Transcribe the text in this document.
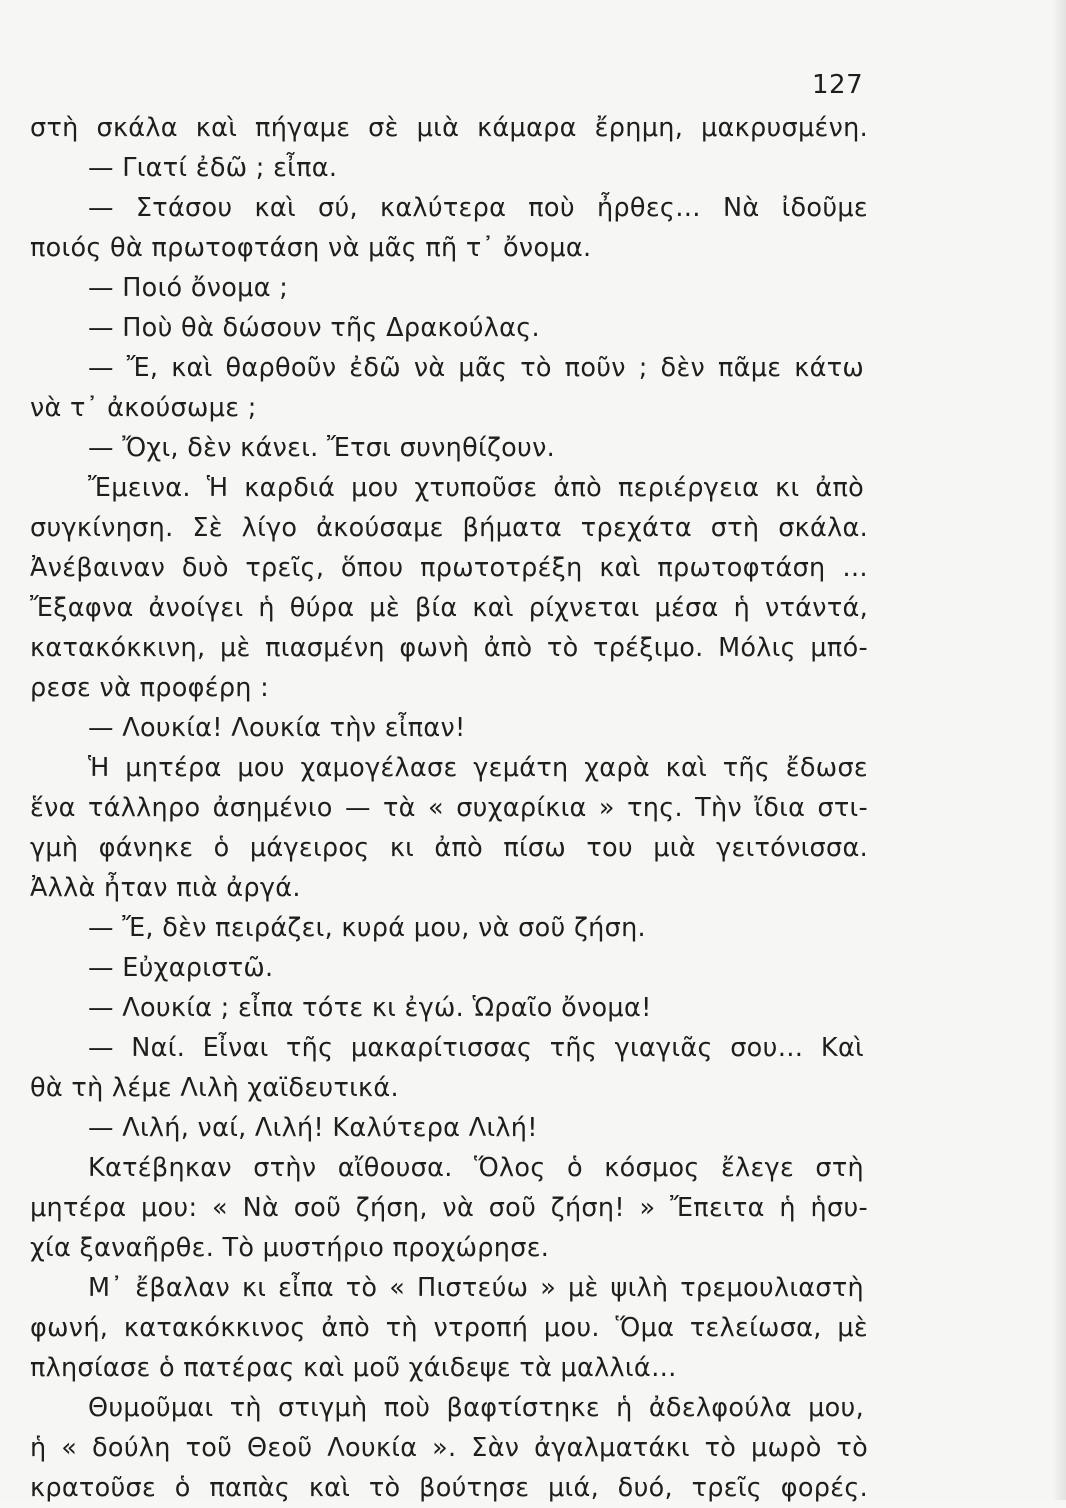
127
στὴ σκάλα καὶ πήγαμε σὲ μιὰ κάμαρα ἔρημη, μακρυσμένη.
— Γιατί ἐδῶ ; εἶπα.
— Στάσου καὶ σύ, καλύτερα ποὺ ἦρθες… Νὰ ἰδοῦμε
ποιός θὰ πρωτοφτάση νὰ μᾶς πῆ τ᾽ ὄνομα.
— Ποιό ὄνομα ;
— Ποὺ θὰ δώσουν τῆς Δρακούλας.
— Ἔ, καὶ θαρθοῦν ἐδῶ νὰ μᾶς τὸ ποῦν ; δὲν πᾶμε κάτω
νὰ τ᾽ ἀκούσωμε ;
— Ὄχι, δὲν κάνει. Ἔτσι συνηθίζουν.
Ἔμεινα. Ἡ καρδιά μου χτυποῦσε ἀπὸ περιέργεια κι ἀπὸ
συγκίνηση. Σὲ λίγο ἀκούσαμε βήματα τρεχάτα στὴ σκάλα.
Ἀνέβαιναν δυὸ τρεῖς, ὅπου πρωτοτρέξη καὶ πρωτοφτάση …
Ἔξαφνα ἀνοίγει ἡ θύρα μὲ βία καὶ ρίχνεται μέσα ἡ ντάντά,
κατακόκκινη, μὲ πιασμένη φωνὴ ἀπὸ τὸ τρέξιμο. Μόλις μπό-
ρεσε νὰ προφέρη :
— Λουκία! Λουκία τὴν εἶπαν!
Ἡ μητέρα μου χαμογέλασε γεμάτη χαρὰ καὶ τῆς ἔδωσε
ἕνα τάλληρο ἀσημένιο — τὰ « συχαρίκια » της. Τὴν ἴδια στι-
γμὴ φάνηκε ὁ μάγειρος κι ἀπὸ πίσω του μιὰ γειτόνισσα.
Ἀλλὰ ἦταν πιὰ ἀργά.
— Ἔ, δὲν πειράζει, κυρά μου, νὰ σοῦ ζήση.
— Εὐχαριστῶ.
— Λουκία ; εἶπα τότε κι ἐγώ. Ὡραῖο ὄνομα!
— Ναί. Εἶναι τῆς μακαρίτισσας τῆς γιαγιᾶς σου… Καὶ
θὰ τὴ λέμε Λιλὴ χαϊδευτικά.
— Λιλή, ναί, Λιλή! Καλύτερα Λιλή!
Κατέβηκαν στὴν αἴθουσα. Ὅλος ὁ κόσμος ἔλεγε στὴ
μητέρα μου: « Νὰ σοῦ ζήση, νὰ σοῦ ζήση! » Ἔπειτα ἡ ἡσυ-
χία ξαναῆρθε. Τὸ μυστήριο προχώρησε.
Μ᾽ ἔβαλαν κι εἶπα τὸ « Πιστεύω » μὲ ψιλὴ τρεμουλιαστὴ
φωνή, κατακόκκινος ἀπὸ τὴ ντροπή μου. Ὅμα τελείωσα, μὲ
πλησίασε ὁ πατέρας καὶ μοῦ χάιδεψε τὰ μαλλιά…
Θυμοῦμαι τὴ στιγμὴ ποὺ βαφτίστηκε ἡ ἀδελφούλα μου,
ἡ « δούλη τοῦ Θεοῦ Λουκία ». Σὰν ἀγαλματάκι τὸ μωρὸ τὸ
κρατοῦσε ὁ παπὰς καὶ τὸ βούτησε μιά, δυό, τρεῖς φορές.
